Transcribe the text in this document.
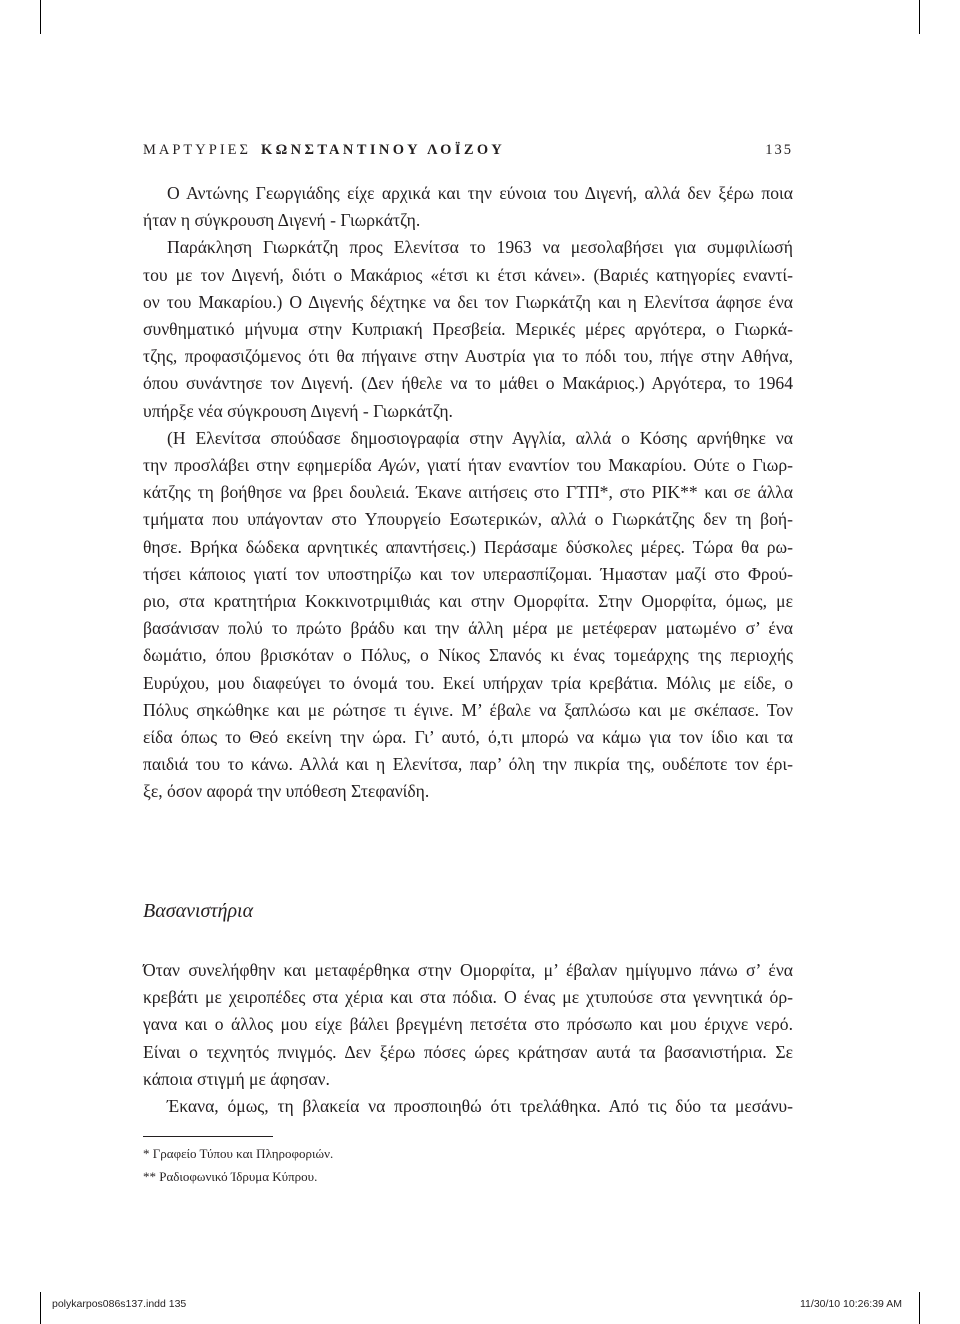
ΜΑΡΤΥΡΙΕΣ ΚΩΝΣΤΑΝΤΙΝΟΥ ΛΟΪΖΟΥ	135
Ο Αντώνης Γεωργιάδης είχε αρχικά και την εύνοια του Διγενή, αλλά δεν ξέρω ποια
ήταν η σύγκρουση Διγενή - Γιωρκάτζη.
Παράκληση Γιωρκάτζη προς Ελενίτσα το 1963 να μεσολαβήσει για συμφιλίωσή
του με τον Διγενή, διότι ο Μακάριος «έτσι κι έτσι κάνει». (Βαριές κατηγορίες εναντί-
ον του Μακαρίου.) Ο Διγενής δέχτηκε να δει τον Γιωρκάτζη και η Ελενίτσα άφησε ένα
συνθηματικό μήνυμα στην Κυπριακή Πρεσβεία. Μερικές μέρες αργότερα, ο Γιωρκά-
τζης, προφασιζόμενος ότι θα πήγαινε στην Αυστρία για το πόδι του, πήγε στην Αθήνα,
όπου συνάντησε τον Διγενή. (Δεν ήθελε να το μάθει ο Μακάριος.) Αργότερα, το 1964
υπήρξε νέα σύγκρουση Διγενή - Γιωρκάτζη.
(Η Ελενίτσα σπούδασε δημοσιογραφία στην Αγγλία, αλλά ο Κόσης αρνήθηκε να
την προσλάβει στην εφημερίδα Αγών, γιατί ήταν εναντίον του Μακαρίου. Ούτε ο Γιωρ-
κάτζης τη βοήθησε να βρει δουλειά. Έκανε αιτήσεις στο ΓΤΠ*, στο ΡΙΚ** και σε άλλα
τμήματα που υπάγονταν στο Υπουργείο Εσωτερικών, αλλά ο Γιωρκάτζης δεν τη βοή-
θησε. Βρήκα δώδεκα αρνητικές απαντήσεις.) Περάσαμε δύσκολες μέρες. Τώρα θα ρω-
τήσει κάποιος γιατί τον υποστηρίζω και τον υπερασπίζομαι. Ήμασταν μαζί στο Φρού-
ριο, στα κρατητήρια Κοκκινοτριμιθιάς και στην Ομορφίτα. Στην Ομορφίτα, όμως, με
βασάνισαν πολύ το πρώτο βράδυ και την άλλη μέρα με μετέφεραν ματωμένο σ’ ένα
δωμάτιο, όπου βρισκόταν ο Πόλυς, ο Νίκος Σπανός κι ένας τομεάρχης της περιοχής
Ευρύχου, μου διαφεύγει το όνομά του. Εκεί υπήρχαν τρία κρεβάτια. Μόλις με είδε, ο
Πόλυς σηκώθηκε και με ρώτησε τι έγινε. Μ’ έβαλε να ξαπλώσω και με σκέπασε. Τον
είδα όπως το Θεό εκείνη την ώρα. Γι’ αυτό, ό,τι μπορώ να κάμω για τον ίδιο και τα
παιδιά του το κάνω. Αλλά και η Ελενίτσα, παρ’ όλη την πικρία της, ουδέποτε τον έρι-
ξε, όσον αφορά την υπόθεση Στεφανίδη.
Βασανιστήρια
Όταν συνελήφθην και μεταφέρθηκα στην Ομορφίτα, μ’ έβαλαν ημίγυμνο πάνω σ’ ένα
κρεβάτι με χειροπέδες στα χέρια και στα πόδια. Ο ένας με χτυπούσε στα γεννητικά όρ-
γανα και ο άλλος μου είχε βάλει βρεγμένη πετσέτα στο πρόσωπο και μου έριχνε νερό.
Είναι ο τεχνητός πνιγμός. Δεν ξέρω πόσες ώρες κράτησαν αυτά τα βασανιστήρια. Σε
κάποια στιγμή με άφησαν.
Έκανα, όμως, τη βλακεία να προσποιηθώ ότι τρελάθηκα. Από τις δύο τα μεσάνυ-
* Γραφείο Τύπου και Πληροφοριών.
** Ραδιοφωνικό Ίδρυμα Κύπρου.
polykarpos086s137.indd 135	11/30/10 10:26:39 AM
